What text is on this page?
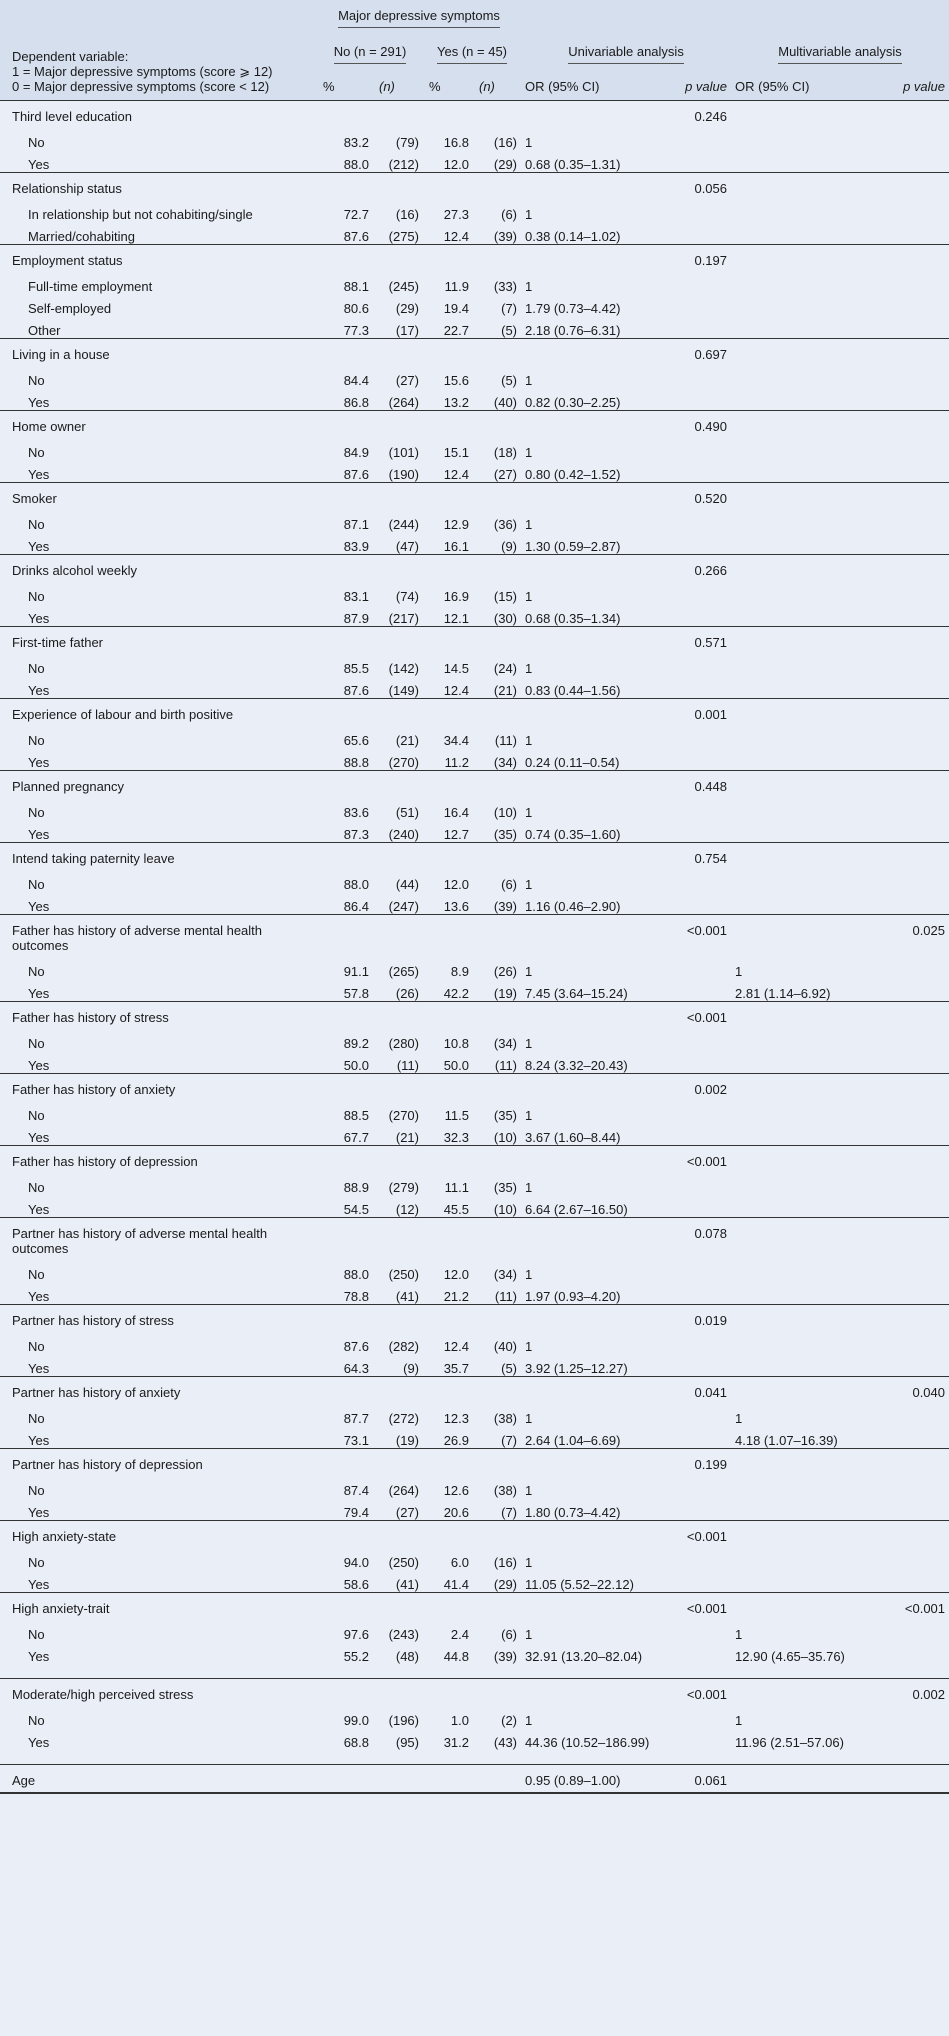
	Major depressive symptoms							

Dependent variable:
1 = Major depressive symptoms (score ⩾ 12)
0 = Major depressive symptoms (score < 12)	No (n = 291)		Yes (n = 45)		Univariable analysis		Multivariable analysis	
	%	(n)	%	(n)	OR (95% CI)	p value	OR (95% CI)	p value
Third level education						0.246		
No	83.2	(79)	16.8	(16)	1			
Yes	88.0	(212)	12.0	(29)	0.68 (0.35–1.31)			
Relationship status						0.056		
In relationship but not cohabiting/single	72.7	(16)	27.3	(6)	1			
Married/cohabiting	87.6	(275)	12.4	(39)	0.38 (0.14–1.02)			
Employment status						0.197		
Full-time employment	88.1	(245)	11.9	(33)	1			
Self-employed	80.6	(29)	19.4	(7)	1.79 (0.73–4.42)			
Other	77.3	(17)	22.7	(5)	2.18 (0.76–6.31)			
Living in a house						0.697		
No	84.4	(27)	15.6	(5)	1			
Yes	86.8	(264)	13.2	(40)	0.82 (0.30–2.25)			
Home owner						0.490		
No	84.9	(101)	15.1	(18)	1			
Yes	87.6	(190)	12.4	(27)	0.80 (0.42–1.52)			
Smoker						0.520		
No	87.1	(244)	12.9	(36)	1			
Yes	83.9	(47)	16.1	(9)	1.30 (0.59–2.87)			
Drinks alcohol weekly						0.266		
No	83.1	(74)	16.9	(15)	1			
Yes	87.9	(217)	12.1	(30)	0.68 (0.35–1.34)			
First-time father						0.571		
No	85.5	(142)	14.5	(24)	1			
Yes	87.6	(149)	12.4	(21)	0.83 (0.44–1.56)			
Experience of labour and birth positive						0.001		
No	65.6	(21)	34.4	(11)	1			
Yes	88.8	(270)	11.2	(34)	0.24 (0.11–0.54)			
Planned pregnancy						0.448		
No	83.6	(51)	16.4	(10)	1			
Yes	87.3	(240)	12.7	(35)	0.74 (0.35–1.60)			
Intend taking paternity leave						0.754		
No	88.0	(44)	12.0	(6)	1			
Yes	86.4	(247)	13.6	(39)	1.16 (0.46–2.90)			
Father has history of adverse mental health outcomes						<0.001		0.025
No	91.1	(265)	8.9	(26)	1		1	
Yes	57.8	(26)	42.2	(19)	7.45 (3.64–15.24)		2.81 (1.14–6.92)	
Father has history of stress						<0.001		
No	89.2	(280)	10.8	(34)	1			
Yes	50.0	(11)	50.0	(11)	8.24 (3.32–20.43)			
Father has history of anxiety						0.002		
No	88.5	(270)	11.5	(35)	1			
Yes	67.7	(21)	32.3	(10)	3.67 (1.60–8.44)			
Father has history of depression						<0.001		
No	88.9	(279)	11.1	(35)	1			
Yes	54.5	(12)	45.5	(10)	6.64 (2.67–16.50)			
Partner has history of adverse mental health outcomes						0.078		
No	88.0	(250)	12.0	(34)	1			
Yes	78.8	(41)	21.2	(11)	1.97 (0.93–4.20)			
Partner has history of stress						0.019		
No	87.6	(282)	12.4	(40)	1			
Yes	64.3	(9)	35.7	(5)	3.92 (1.25–12.27)			
Partner has history of anxiety						0.041		0.040
No	87.7	(272)	12.3	(38)	1		1	
Yes	73.1	(19)	26.9	(7)	2.64 (1.04–6.69)		4.18 (1.07–16.39)	
Partner has history of depression						0.199		
No	87.4	(264)	12.6	(38)	1			
Yes	79.4	(27)	20.6	(7)	1.80 (0.73–4.42)			
High anxiety-state						<0.001		
No	94.0	(250)	6.0	(16)	1			
Yes	58.6	(41)	41.4	(29)	11.05 (5.52–22.12)			
High anxiety-trait						<0.001		<0.001
No	97.6	(243)	2.4	(6)	1		1	
Yes	55.2	(48)	44.8	(39)	32.91 (13.20–82.04)		12.90 (4.65–35.76)	
Moderate/high perceived stress						<0.001		0.002
No	99.0	(196)	1.0	(2)	1		1	
Yes	68.8	(95)	31.2	(43)	44.36 (10.52–186.99)		11.96 (2.51–57.06)	
Age					0.95 (0.89–1.00)	0.061		
